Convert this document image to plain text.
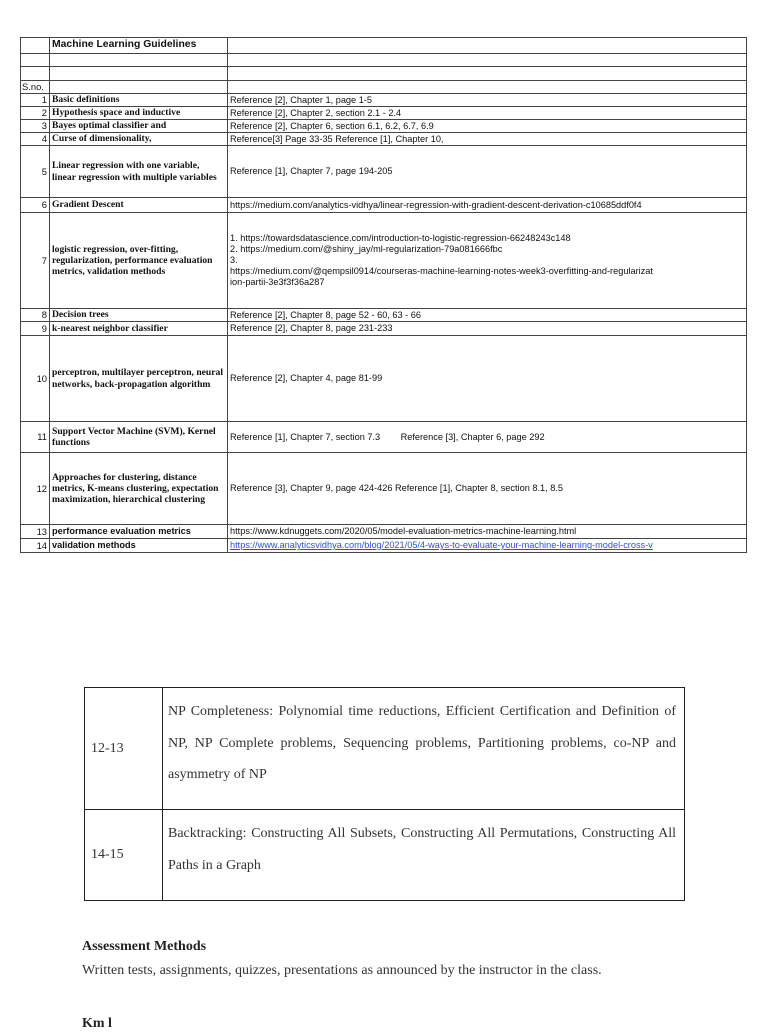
	Machine Learning Guidelines	

S.no.		
1	Basic definitions	Reference [2], Chapter 1, page 1-5
2	Hypothesis space and inductive	Reference [2], Chapter 2, section 2.1 - 2.4
3	Bayes optimal classifier and	Reference [2], Chapter 6, section 6.1, 6.2, 6.7, 6.9
4	Curse of dimensionality,	Reference[3] Page 33-35 Reference [1], Chapter 10,
5	Linear regression with one variable, linear regression with multiple variables	Reference [1], Chapter 7, page 194-205
6	Gradient Descent	https://medium.com/analytics-vidhya/linear-regression-with-gradient-descent-derivation-c10685ddf0f4
7	logistic regression, over-fitting, regularization, performance evaluation metrics, validation methods	1. https://towardsdatascience.com/introduction-to-logistic-regression-66248243c148
2. https://medium.com/@shiny_jay/ml-regularization-79a081666fbc
3.
https://medium.com/@qempsil0914/courseras-machine-learning-notes-week3-overfitting-and-regularizat
ion-partii-3e3f3f36a287
8	Decision trees	Reference [2], Chapter 8, page 52 - 60, 63 - 66
9	k-nearest neighbor classifier	Reference [2], Chapter 8, page 231-233
10	perceptron, multilayer perceptron, neural networks, back-propagation algorithm	Reference [2], Chapter 4, page 81-99
11	Support Vector Machine (SVM), Kernel functions	Reference [1], Chapter 7, section 7.3        Reference [3], Chapter 6, page 292
12	Approaches for clustering, distance metrics, K-means clustering, expectation maximization, hierarchical clustering	Reference [3], Chapter 9, page 424-426 Reference [1], Chapter 8, section 8.1, 8.5
13	performance evaluation metrics	https://www.kdnuggets.com/2020/05/model-evaluation-metrics-machine-learning.html
14	validation methods	https://www.analyticsvidhya.com/blog/2021/05/4-ways-to-evaluate-your-machine-learning-model-cross-v
12-13	NP Completeness: Polynomial time reductions, Efficient Certification and Definition of NP, NP Complete problems, Sequencing problems, Partitioning problems, co-NP and asymmetry of NP
14-15	Backtracking: Constructing All Subsets, Constructing All Permutations, Constructing All Paths in a Graph

Assessment Methods

Written tests, assignments, quizzes, presentations as announced by the instructor in the class.

Km l
